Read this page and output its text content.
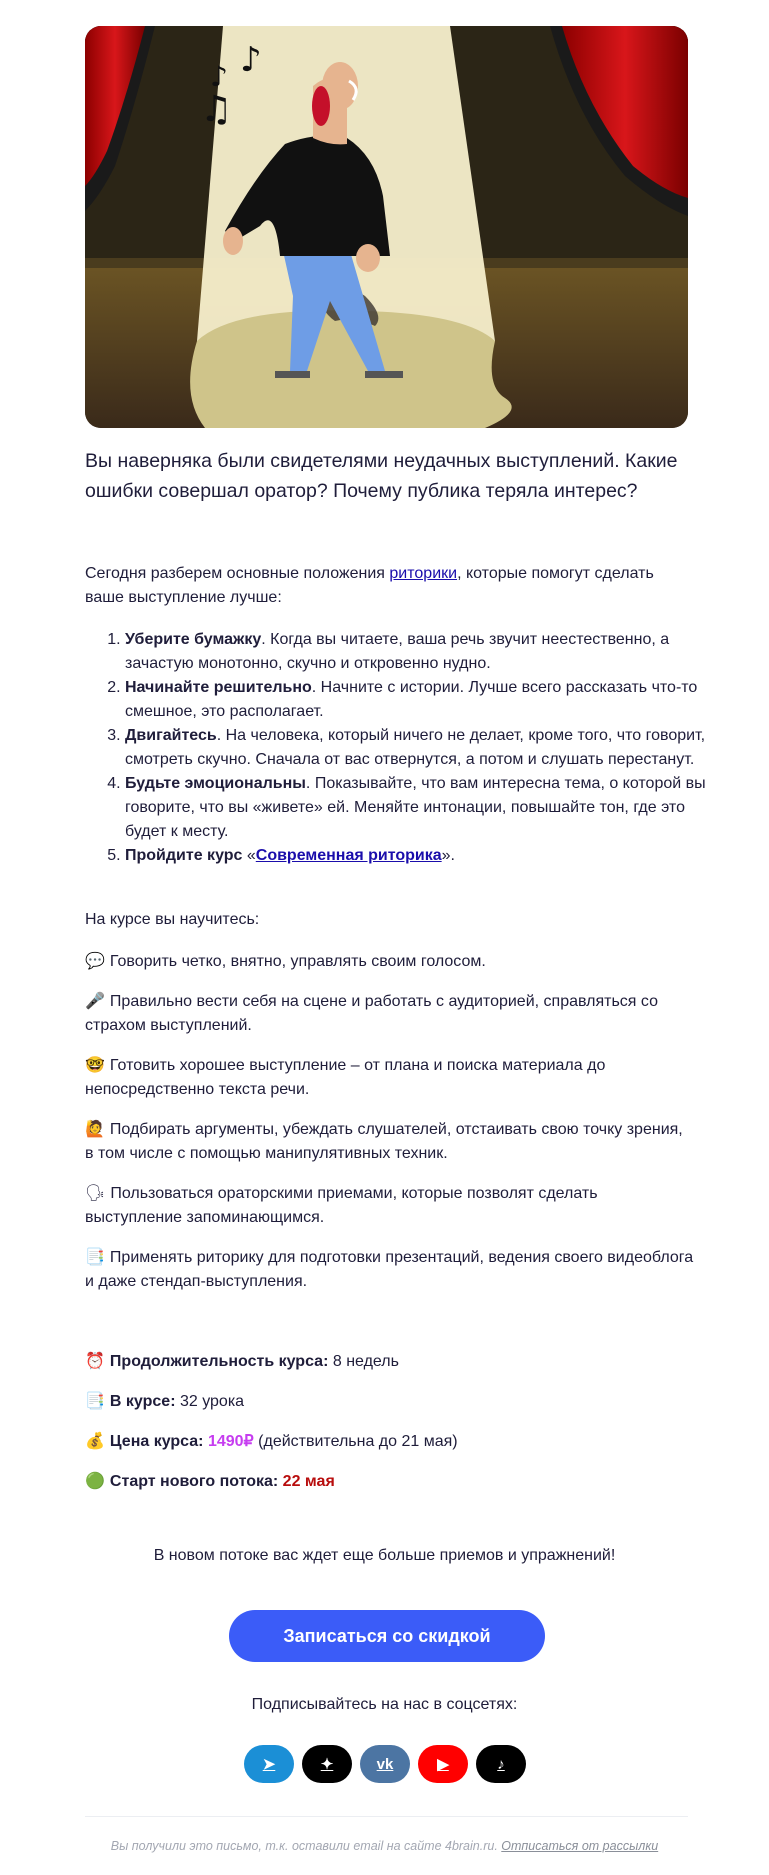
♪ ♪
♫

Вы наверняка были свидетелями неудачных выступлений. Какие ошибки совершал оратор? Почему публика теряла интерес?

Сегодня разберем основные положения риторики, которые помогут сделать ваше выступление лучше:

1. Уберите бумажку. Когда вы читаете, ваша речь звучит неестественно, а зачастую монотонно, скучно и откровенно нудно.
2. Начинайте решительно. Начните с истории. Лучше всего рассказать что-то смешное, это располагает.
3. Двигайтесь. На человека, который ничего не делает, кроме того, что говорит, смотреть скучно. Сначала от вас отвернутся, а потом и слушать перестанут.
4. Будьте эмоциональны. Показывайте, что вам интересна тема, о которой вы говорите, что вы «живете» ей. Меняйте интонации, повышайте тон, где это будет к месту.
5. Пройдите курс «Современная риторика».

На курсе вы научитесь:

💬 Говорить четко, внятно, управлять своим голосом.

🎤 Правильно вести себя на сцене и работать с аудиторией, справляться со страхом выступлений.

🤓 Готовить хорошее выступление – от плана и поиска материала до непосредственно текста речи.

🙋 Подбирать аргументы, убеждать слушателей, отстаивать свою точку зрения, в том числе с помощью манипулятивных техник.

🗣 Пользоваться ораторскими приемами, которые позволят сделать выступление запоминающимся.

📑 Применять риторику для подготовки презентаций, ведения своего видеоблога и даже стендап-выступления.

⏰ Продолжительность курса: 8 недель

📑 В курсе: 32 урока

💰 Цена курса: 1490₽ (действительна до 21 мая)

🟢 Старт нового потока: 22 мая

В новом потоке вас ждет еще больше приемов и упражнений!

Записаться со скидкой

Подписывайтесь на нас в соцсетях:

➤	✦	vk	▶	♪

Вы получили это письмо, т.к. оставили email на сайте 4brain.ru. Отписаться от рассылки
